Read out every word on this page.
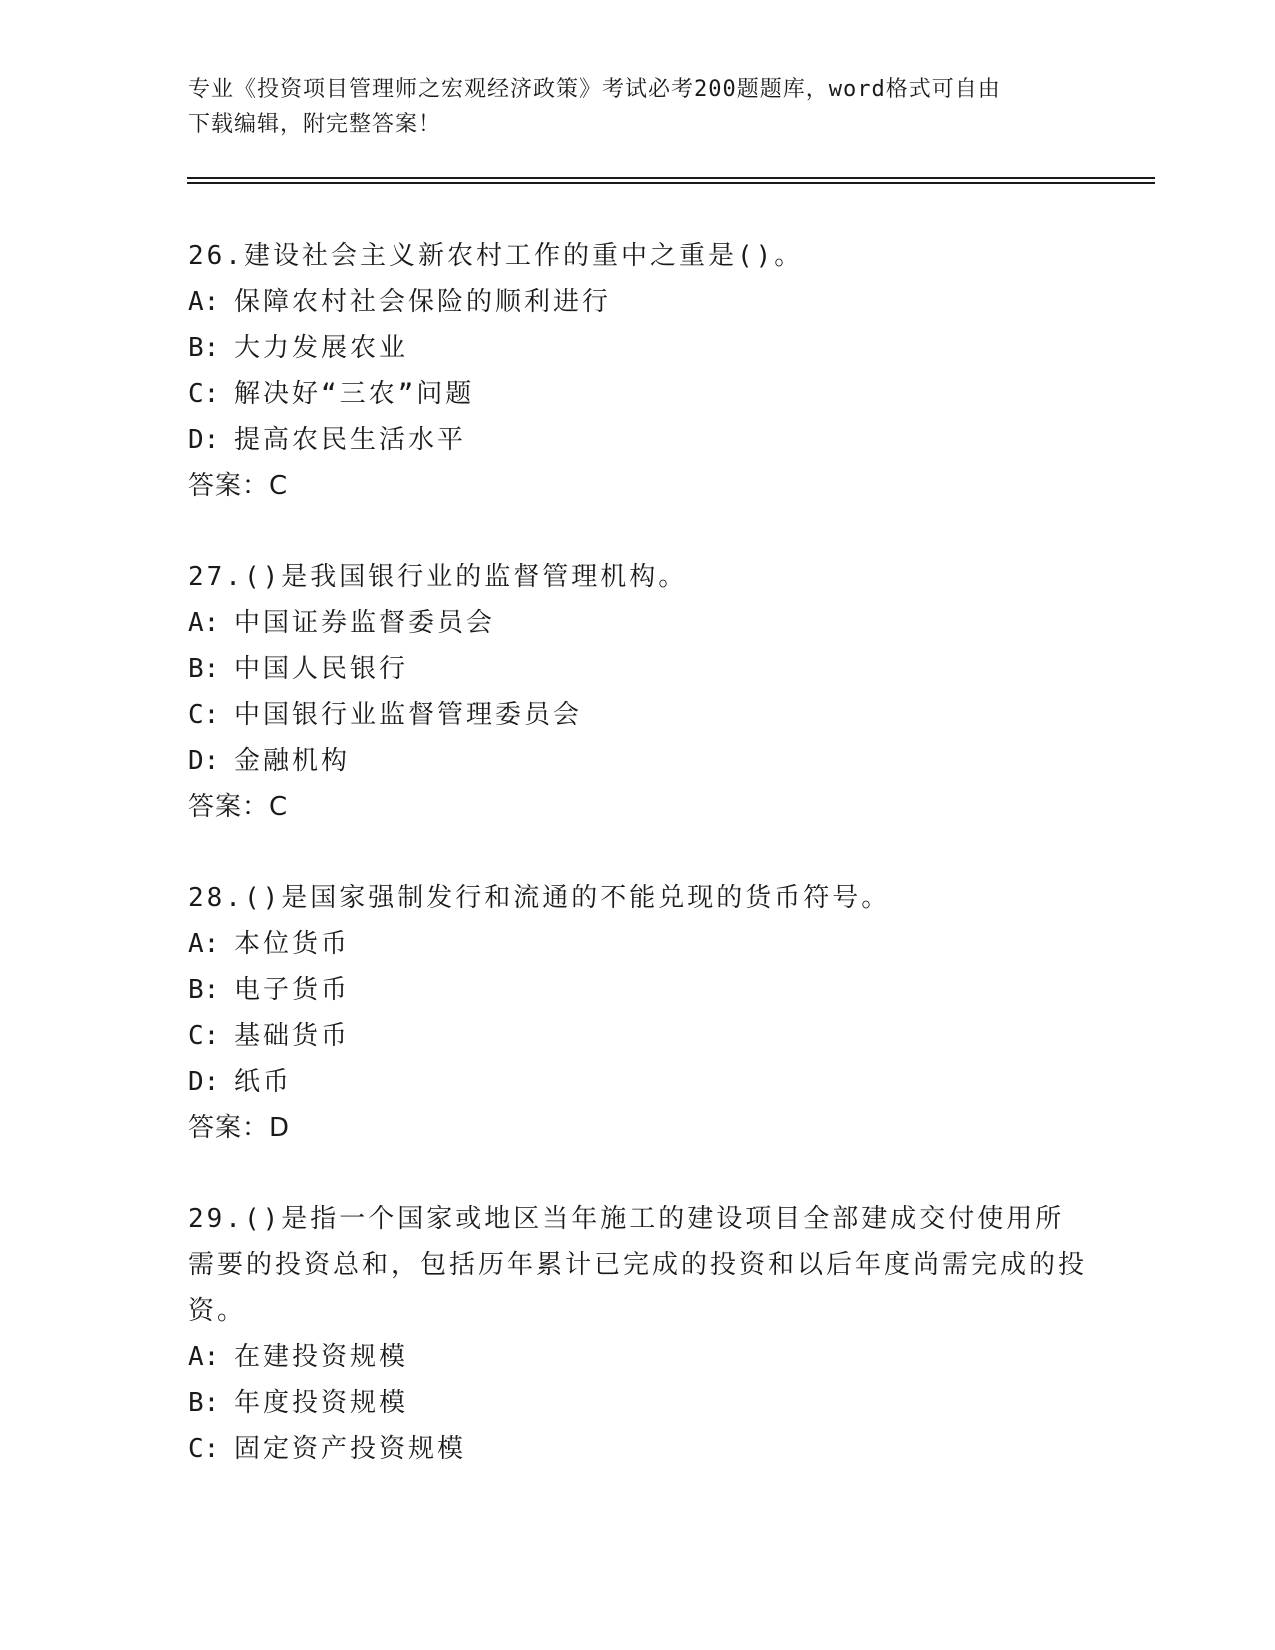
专业《投资项目管理师之宏观经济政策》考试必考200题题库，word格式可自由
下载编辑，附完整答案！
26.建设社会主义新农村工作的重中之重是()。
A: 保障农村社会保险的顺利进行
B: 大力发展农业
C: 解决好“三农”问题
D: 提高农民生活水平
答案：C
27.()是我国银行业的监督管理机构。
A: 中国证券监督委员会
B: 中国人民银行
C: 中国银行业监督管理委员会
D: 金融机构
答案：C
28.()是国家强制发行和流通的不能兑现的货币符号。
A: 本位货币
B: 电子货币
C: 基础货币
D: 纸币
答案：D
29.()是指一个国家或地区当年施工的建设项目全部建成交付使用所需要的投资总和，包括历年累计已完成的投资和以后年度尚需完成的投资。
A: 在建投资规模
B: 年度投资规模
C: 固定资产投资规模
